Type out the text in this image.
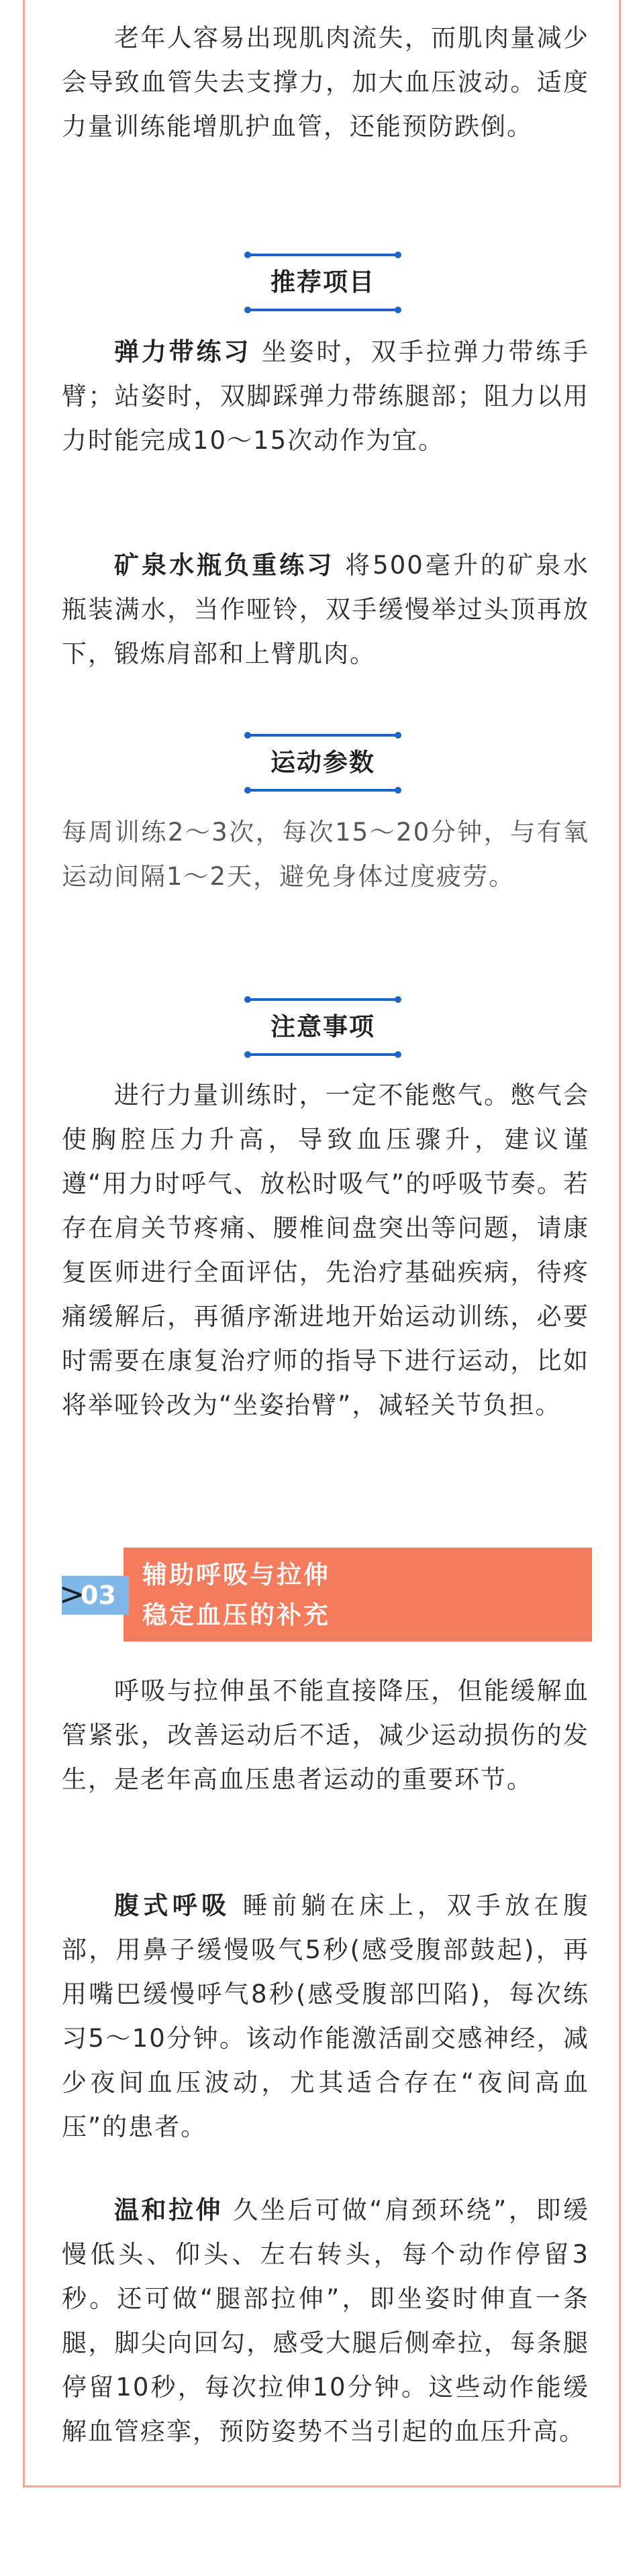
老年人容易出现肌肉流失，而肌肉量减少会导致血管失去支撑力，加大血压波动。适度力量训练能增肌护血管，还能预防跌倒。

推荐项目

弹力带练习 坐姿时，双手拉弹力带练手臂；站姿时，双脚踩弹力带练腿部；阻力以用力时能完成10～15次动作为宜。

矿泉水瓶负重练习 将500毫升的矿泉水瓶装满水，当作哑铃，双手缓慢举过头顶再放下，锻炼肩部和上臂肌肉。

运动参数

每周训练2～3次，每次15～20分钟，与有氧运动间隔1～2天，避免身体过度疲劳。

注意事项

进行力量训练时，一定不能憋气。憋气会使胸腔压力升高，导致血压骤升，建议谨遵“用力时呼气、放松时吸气”的呼吸节奏。若存在肩关节疼痛、腰椎间盘突出等问题，请康复医师进行全面评估，先治疗基础疾病，待疼痛缓解后，再循序渐进地开始运动训练，必要时需要在康复治疗师的指导下进行运动，比如将举哑铃改为“坐姿抬臂”，减轻关节负担。

>
03
辅助呼吸与拉伸
稳定血压的补充

呼吸与拉伸虽不能直接降压，但能缓解血管紧张，改善运动后不适，减少运动损伤的发生，是老年高血压患者运动的重要环节。

腹式呼吸 睡前躺在床上，双手放在腹部，用鼻子缓慢吸气5秒(感受腹部鼓起)，再用嘴巴缓慢呼气8秒(感受腹部凹陷)，每次练习5～10分钟。该动作能激活副交感神经，减少夜间血压波动，尤其适合存在“夜间高血压”的患者。

温和拉伸 久坐后可做“肩颈环绕”，即缓慢低头、仰头、左右转头，每个动作停留3秒。还可做“腿部拉伸”，即坐姿时伸直一条腿，脚尖向回勾，感受大腿后侧牵拉，每条腿停留10秒，每次拉伸10分钟。这些动作能缓解血管痉挛，预防姿势不当引起的血压升高。
